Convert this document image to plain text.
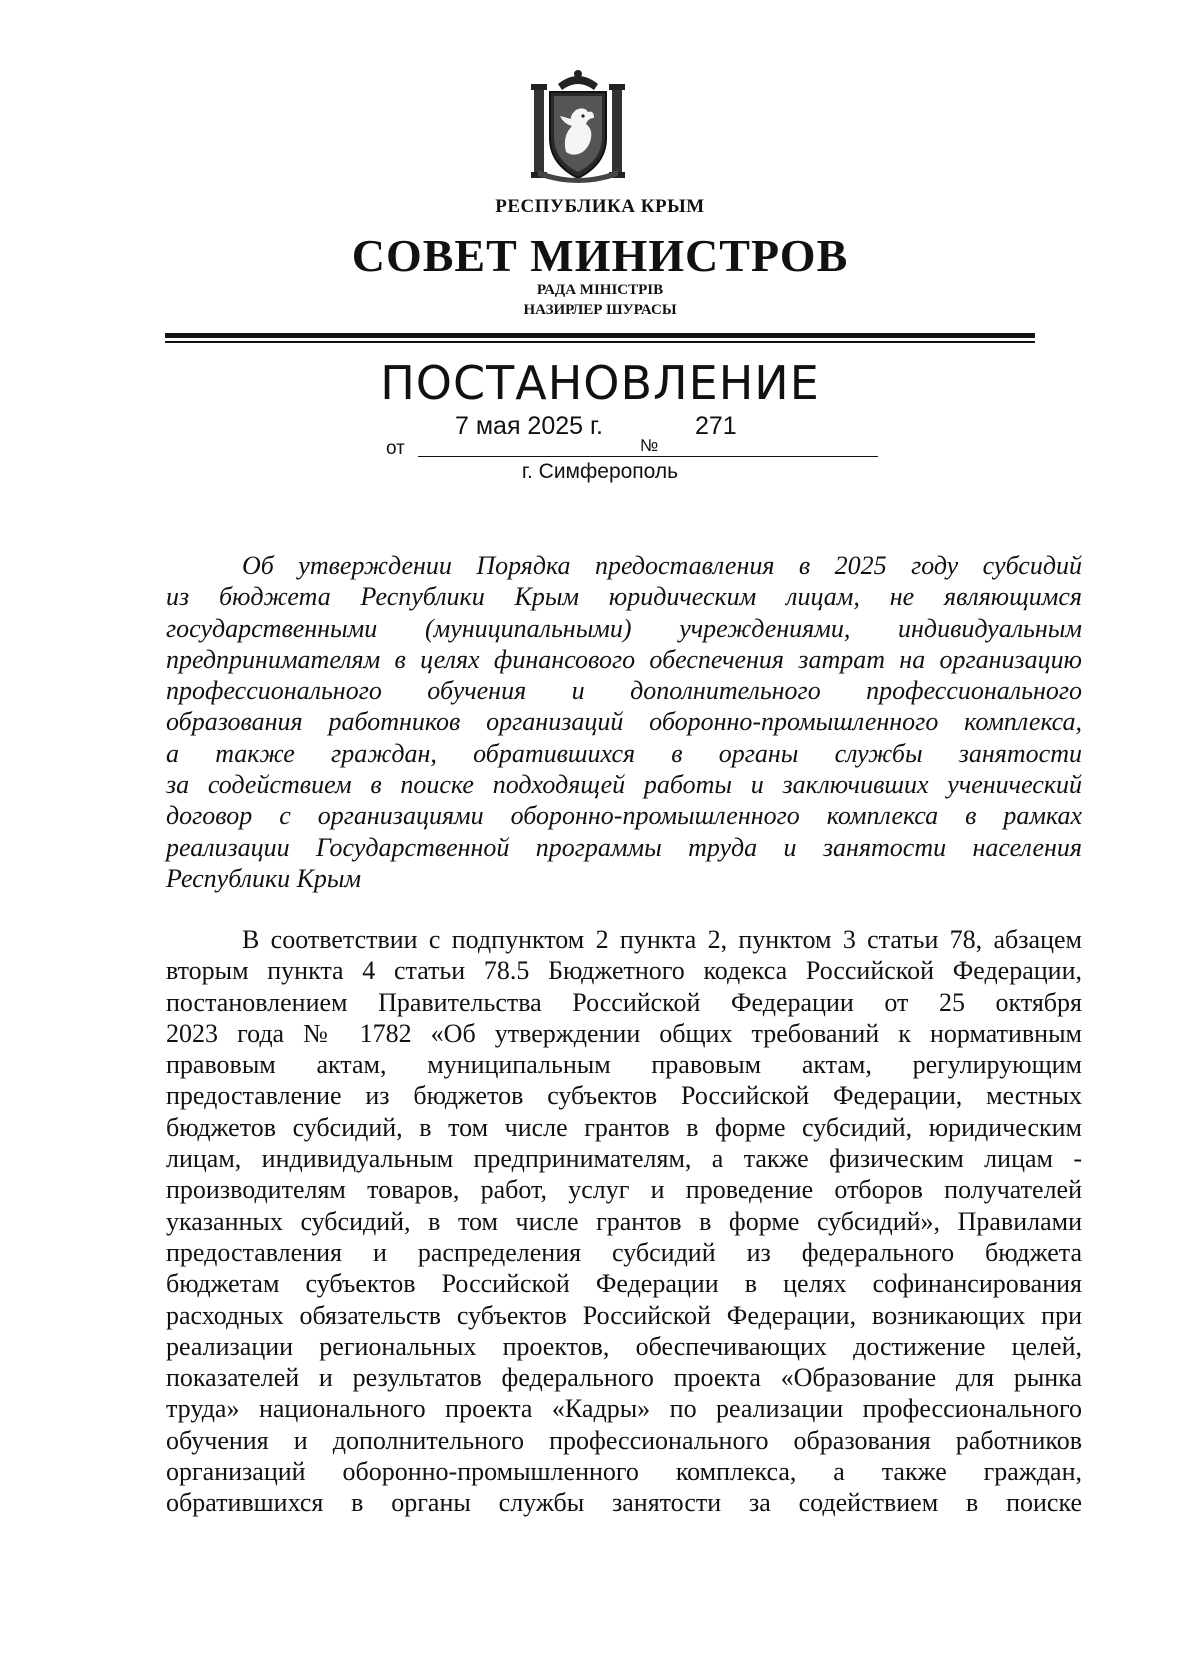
РЕСПУБЛИКА КРЫМ
СОВЕТ МИНИСТРОВ
РАДА МІНІСТРІВ
НАЗИРЛЕР ШУРАСЫ
ПОСТАНОВЛЕНИЕ
от
7 мая 2025 г.
№
271
г. Симферополь
Об утверждении Порядка предоставления в 2025 году субсидий
из бюджета Республики Крым юридическим лицам, не являющимся
государственными (муниципальными) учреждениями, индивидуальным
предпринимателям в целях финансового обеспечения затрат на организацию
профессионального обучения и дополнительного профессионального
образования работников организаций оборонно-промышленного комплекса,
а также граждан, обратившихся в органы службы занятости
за содействием в поиске подходящей работы и заключивших ученический
договор с организациями оборонно-промышленного комплекса в рамках
реализации Государственной программы труда и занятости населения
Республики Крым
В соответствии с подпунктом 2 пункта 2, пунктом 3 статьи 78, абзацем
вторым пункта 4 статьи 78.5 Бюджетного кодекса Российской Федерации,
постановлением Правительства Российской Федерации от 25 октября
2023 года № 1782 «Об утверждении общих требований к нормативным
правовым актам, муниципальным правовым актам, регулирующим
предоставление из бюджетов субъектов Российской Федерации, местных
бюджетов субсидий, в том числе грантов в форме субсидий, юридическим
лицам, индивидуальным предпринимателям, а также физическим лицам -
производителям товаров, работ, услуг и проведение отборов получателей
указанных субсидий, в том числе грантов в форме субсидий», Правилами
предоставления и распределения субсидий из федерального бюджета
бюджетам субъектов Российской Федерации в целях софинансирования
расходных обязательств субъектов Российской Федерации, возникающих при
реализации региональных проектов, обеспечивающих достижение целей,
показателей и результатов федерального проекта «Образование для рынка
труда» национального проекта «Кадры» по реализации профессионального
обучения и дополнительного профессионального образования работников
организаций оборонно-промышленного комплекса, а также граждан,
обратившихся в органы службы занятости за содействием в поиске
